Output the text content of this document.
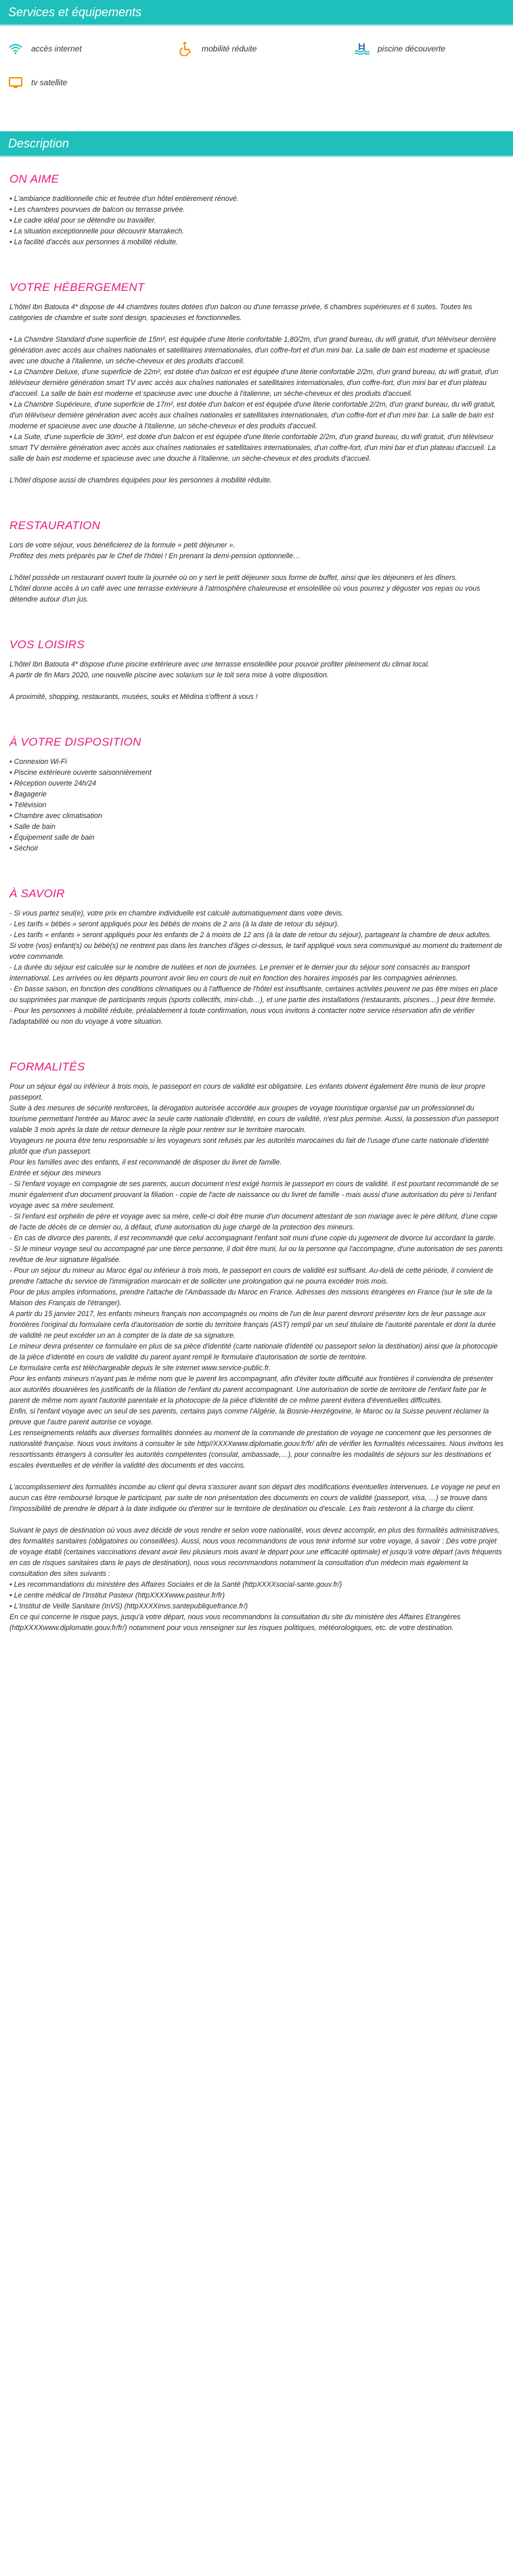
Services et équipements
accès internet	mobilité réduite	piscine découverte
tv satellite
Description
ON AIME
• L'ambiance traditionnelle chic et feutrée d'un hôtel entièrement rénové.
• Les chambres pourvues de balcon ou terrasse privée.
• Le cadre idéal pour se détendre ou travailler.
• La situation exceptionnelle pour découvrir Marrakech.
• La facilité d'accès aux personnes à mobilité réduite.
VOTRE HÉBERGEMENT

L'hôtel Ibn Batouta 4* dispose de 44 chambres toutes dotées d'un balcon ou d'une terrasse privée, 6 chambres supérieures et 6 suites. Toutes les catégories de chambre et suite sont design, spacieuses et fonctionnelles.

• La Chambre Standard d'une superficie de 15m², est équipée d'une literie confortable 1,80/2m, d'un grand bureau, du wifi gratuit, d'un téléviseur dernière génération avec accès aux chaînes nationales et satellitaires internationales, d'un coffre-fort et d'un mini bar. La salle de bain est moderne et spacieuse avec une douche à l'italienne, un sèche-cheveux et des produits d'accueil.

• La Chambre Deluxe, d'une superficie de 22m², est dotée d'un balcon et est équipée d'une literie confortable 2/2m, d'un grand bureau, du wifi gratuit, d'un téléviseur dernière génération smart TV avec accès aux chaînes nationales et satellitaires internationales, d'un coffre-fort, d'un mini bar et d'un plateau d'accueil. La salle de bain est moderne et spacieuse avec une douche à l'italienne, un sèche-cheveux et des produits d'accueil.

• La Chambre Supérieure, d'une superficie de 17m², est dotée d'un balcon et est équipée d'une literie confortable 2/2m, d'un grand bureau, du wifi gratuit, d'un téléviseur dernière génération avec accès aux chaînes nationales et satellitaires internationales, d'un coffre-fort et d'un mini bar. La salle de bain est moderne et spacieuse avec une douche à l'italienne, un sèche-cheveux et des produits d'accueil.

• La Suite, d'une superficie de 30m², est dotée d'un balcon et est équipée d'une literie confortable 2/2m, d'un grand bureau, du wifi gratuit, d'un téléviseur smart TV dernière génération avec accès aux chaînes nationales et satellitaires internationales, d'un coffre-fort, d'un mini bar et d'un plateau d'accueil. La salle de bain est moderne et spacieuse avec une douche à l'italienne, un sèche-cheveux et des produits d'accueil.

L'hôtel dispose aussi de chambres équipées pour les personnes à mobilité réduite.

RESTAURATION

Lors de votre séjour, vous bénéficierez de la formule « petit déjeuner ».

Profitez des mets préparés par le Chef de l'hôtel ! En prenant la demi-pension optionnelle…

L'hôtel possède un restaurant ouvert toute la journée où on y sert le petit déjeuner sous forme de buffet, ainsi que les déjeuners et les dîners.

L'hôtel donne accès à un café avec une terrasse extérieure à l'atmosphère chaleureuse et ensoleillée où vous pourrez y déguster vos repas ou vous détendre autour d'un jus.

VOS LOISIRS

L'hôtel Ibn Batouta 4* dispose d'une piscine extérieure avec une terrasse ensoleillée pour pouvoir profiter pleinement du climat local.

A partir de fin Mars 2020, une nouvelle piscine avec solarium sur le toit sera mise à votre disposition.

A proximité, shopping, restaurants, musées, souks et Médina s'offrent à vous !

À VOTRE DISPOSITION
• Connexion Wi-Fi
• Piscine extérieure ouverte saisonnièrement
• Réception ouverte 24h/24
• Bagagerie
• Télévision
• Chambre avec climatisation
• Salle de bain
• Équipement salle de bain
• Séchoir
À SAVOIR

- Si vous partez seul(e), votre prix en chambre individuelle est calculé automatiquement dans votre devis.

- Les tarifs « bébés » seront appliqués pour les bébés de moins de 2 ans (à la date de retour du séjour).

- Les tarifs « enfants » seront appliqués pour les enfants de 2 à moins de 12 ans (à la date de retour du séjour), partageant la chambre de deux adultes.

Si votre (vos) enfant(s) ou bébé(s) ne rentrent pas dans les tranches d'âges ci-dessus, le tarif appliqué vous sera communiqué au moment du traitement de votre commande.

- La durée du séjour est calculée sur le nombre de nuitées et non de journées. Le premier et le dernier jour du séjour sont consacrés au transport international. Les arrivées ou les départs pourront avoir lieu en cours de nuit en fonction des horaires imposés par les compagnies aériennes.

- En basse saison, en fonction des conditions climatiques ou à l'affluence de l'hôtel est insuffisante, certaines activités peuvent ne pas être mises en place ou supprimées par manque de participants requis (sports collectifs, mini-club…), et une partie des installations (restaurants, piscines…) peut être fermée.

- Pour les personnes à mobilité réduite, préalablement à toute confirmation, nous vous invitons à contacter notre service réservation afin de vérifier l'adaptabilité ou non du voyage à votre situation.

FORMALITÉS

Pour un séjour égal ou inférieur à trois mois, le passeport en cours de validité est obligatoire. Les enfants doivent également être munis de leur propre passeport.
Suite à des mesures de sécurité renforcées, la dérogation autorisée accordée aux groupes de voyage touristique organisé par un professionnel du tourisme permettant l'entrée au Maroc avec la seule carte nationale d'identité, en cours de validité, n'est plus permise. Aussi, la possession d'un passeport valable 3 mois après la date de retour demeure la règle pour rentrer sur le territoire marocain.
Voyageurs ne pourra être tenu responsable si les voyageurs sont refusés par les autorités marocaines du fait de l'usage d'une carte nationale d'identité plutôt que d'un passeport.
Pour les familles avec des enfants, il est recommandé de disposer du livret de famille.
Entrée et séjour des mineurs
- Si l'enfant voyage en compagnie de ses parents, aucun document n'est exigé hormis le passeport en cours de validité. Il est pourtant recommandé de se munir également d'un document prouvant la filiation - copie de l'acte de naissance ou du livret de famille - mais aussi d'une autorisation du père si l'enfant voyage avec sa mère seulement.
- Si l'enfant est orphelin de père et voyage avec sa mère, celle-ci doit être munie d'un document attestant de son mariage avec le père défunt, d'une copie de l'acte de décès de ce dernier ou, à défaut, d'une autorisation du juge chargé de la protection des mineurs.
- En cas de divorce des parents, il est recommandé que celui accompagnant l'enfant soit muni d'une copie du jugement de divorce lui accordant la garde.
- Si le mineur voyage seul ou accompagné par une tierce personne, il doit être muni, lui ou la personne qui l'accompagne, d'une autorisation de ses parents revêtue de leur signature légalisée.
- Pour un séjour du mineur au Maroc égal ou inférieur à trois mois, le passeport en cours de validité est suffisant. Au-delà de cette période, il convient de prendre l'attache du service de l'immigration marocain et de solliciter une prolongation qui ne pourra excéder trois mois.
Pour de plus amples informations, prendre l'attache de l'Ambassade du Maroc en France. Adresses des missions étrangères en France (sur le site de la Maison des Français de l'étranger).
A partir du 15 janvier 2017, les enfants mineurs français non accompagnés ou moins de l'un de leur parent devront présenter lors de leur passage aux frontières l'original du formulaire cerfa d'autorisation de sortie du territoire français (AST) rempli par un seul titulaire de l'autorité parentale et dont la durée de validité ne peut excéder un an à compter de la date de sa signature.
Le mineur devra présenter ce formulaire en plus de sa pièce d'identité (carte nationale d'identité ou passeport selon la destination) ainsi que la photocopie de la pièce d'identité en cours de validité du parent ayant rempli le formulaire d'autorisation de sortie de territoire.
Le formulaire cerfa est téléchargeable depuis le site internet www.service-public.fr.
Pour les enfants mineurs n'ayant pas le même nom que le parent les accompagnant, afin d'éviter toute difficulté aux frontières il conviendra de présenter aux autorités douanières les justificatifs de la filiation de l'enfant du parent accompagnant. Une autorisation de sortie de territoire de l'enfant faite par le parent de même nom ayant l'autorité parentale et la photocopie de la pièce d'identité de ce même parent évitera d'éventuelles difficultés.
Enfin, si l'enfant voyage avec un seul de ses parents, certains pays comme l'Algérie, la Bosnie-Herzégovine, le Maroc ou la Suisse peuvent réclamer la preuve que l'autre parent autorise ce voyage.
Les renseignements relatifs aux diverses formalités données au moment de la commande de prestation de voyage ne concernent que les personnes de nationalité française. Nous vous invitons à consulter le site http//XXXXwww.diplomatie.gouv.fr/fr/ afin de vérifier les formalités nécessaires. Nous invitons les ressortissants étrangers à consulter les autorités compétentes (consulat, ambassade,…), pour connaître les modalités de séjours sur les destinations et escales éventuelles et de vérifier la validité des documents et des vaccins.

L'accomplissement des formalités incombe au client qui devra s'assurer avant son départ des modifications éventuelles intervenues. Le voyage ne peut en aucun cas être remboursé lorsque le participant, par suite de non présentation des documents en cours de validité (passeport, visa, …) se trouve dans l'impossibilité de prendre le départ à la date indiquée ou d'entrer sur le territoire de destination ou d'escale. Les frais resteront à la charge du client.

Suivant le pays de destination où vous avez décidé de vous rendre et selon votre nationalité, vous devez accomplir, en plus des formalités administratives, des formalités sanitaires (obligatoires ou conseillées). Aussi, nous vous recommandons de vous tenir informé sur votre voyage, à savoir : Dès votre projet de voyage établi (certaines vaccinations devant avoir lieu plusieurs mois avant le départ pour une efficacité optimale) et jusqu'à votre départ (avis fréquents en cas de risques sanitaires dans le pays de destination), nous vous recommandons notamment la consultation d'un médecin mais également la consultation des sites suivants :
• Les recommandations du ministère des Affaires Sociales et de la Santé (httpXXXXsocial-sante.gouv.fr/)
• Le centre médical de l'Institut Pasteur (httpXXXXwww.pasteur.fr/fr)
• L'Institut de Veille Sanitaire (InVS) (httpXXXXinvs.santepubliquefrance.fr/)
En ce qui concerne le risque pays, jusqu'à votre départ, nous vous recommandons la consultation du site du ministère des Affaires Etrangères (httpXXXXwww.diplomatie.gouv.fr/fr/) notamment pour vous renseigner sur les risques politiques, météorologiques, etc. de votre destination.
